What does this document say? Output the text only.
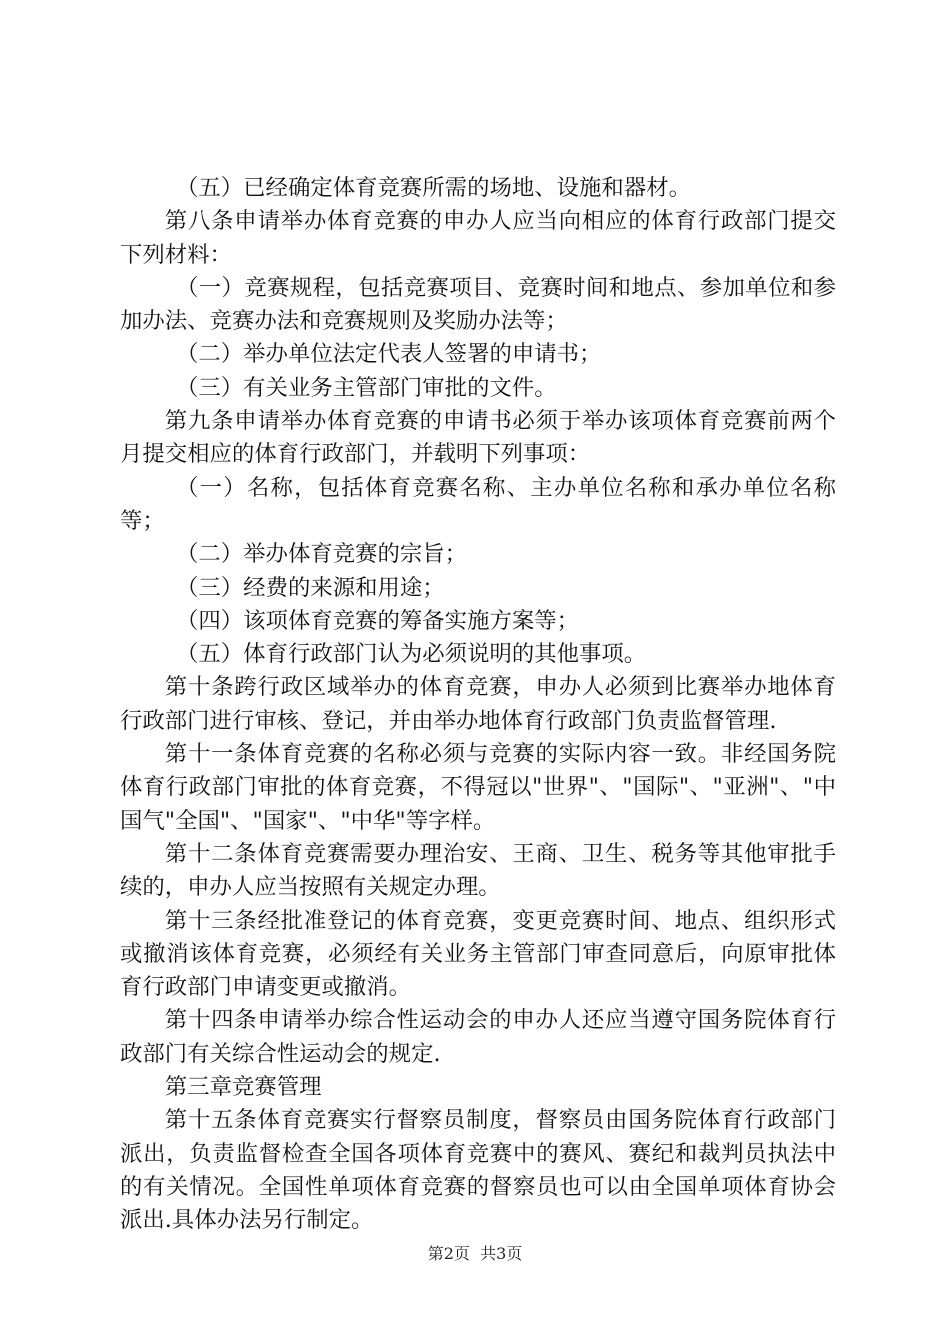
（五）已经确定体育竞赛所需的场地、设施和器材。

第八条申请举办体育竞赛的申办人应当向相应的体育行政部门提交下列材料：

（一）竞赛规程，包括竞赛项目、竞赛时间和地点、参加单位和参加办法、竞赛办法和竞赛规则及奖励办法等；

（二）举办单位法定代表人签署的申请书；

（三）有关业务主管部门审批的文件。

第九条申请举办体育竞赛的申请书必须于举办该项体育竞赛前两个月提交相应的体育行政部门，并载明下列事项：

（一）名称，包括体育竞赛名称、主办单位名称和承办单位名称等；

（二）举办体育竞赛的宗旨；

（三）经费的来源和用途；

（四）该项体育竞赛的筹备实施方案等；

（五）体育行政部门认为必须说明的其他事项。

第十条跨行政区域举办的体育竞赛，申办人必须到比赛举办地体育行政部门进行审核、登记，并由举办地体育行政部门负责监督管理.

第十一条体育竞赛的名称必须与竞赛的实际内容一致。非经国务院体育行政部门审批的体育竞赛，不得冠以"世界"、"国际"、"亚洲"、"中国气"全国"、"国家"、"中华"等字样。

第十二条体育竞赛需要办理治安、王商、卫生、税务等其他审批手续的，申办人应当按照有关规定办理。

第十三条经批准登记的体育竞赛，变更竞赛时间、地点、组织形式或撤消该体育竞赛，必须经有关业务主管部门审查同意后，向原审批体育行政部门申请变更或撤消。

第十四条申请举办综合性运动会的申办人还应当遵守国务院体育行政部门有关综合性运动会的规定.

第三章竞赛管理

第十五条体育竞赛实行督察员制度，督察员由国务院体育行政部门派出，负责监督检查全国各项体育竞赛中的赛风、赛纪和裁判员执法中的有关情况。全国性单项体育竞赛的督察员也可以由全国单项体育协会派出.具体办法另行制定。

第2页  共3页
